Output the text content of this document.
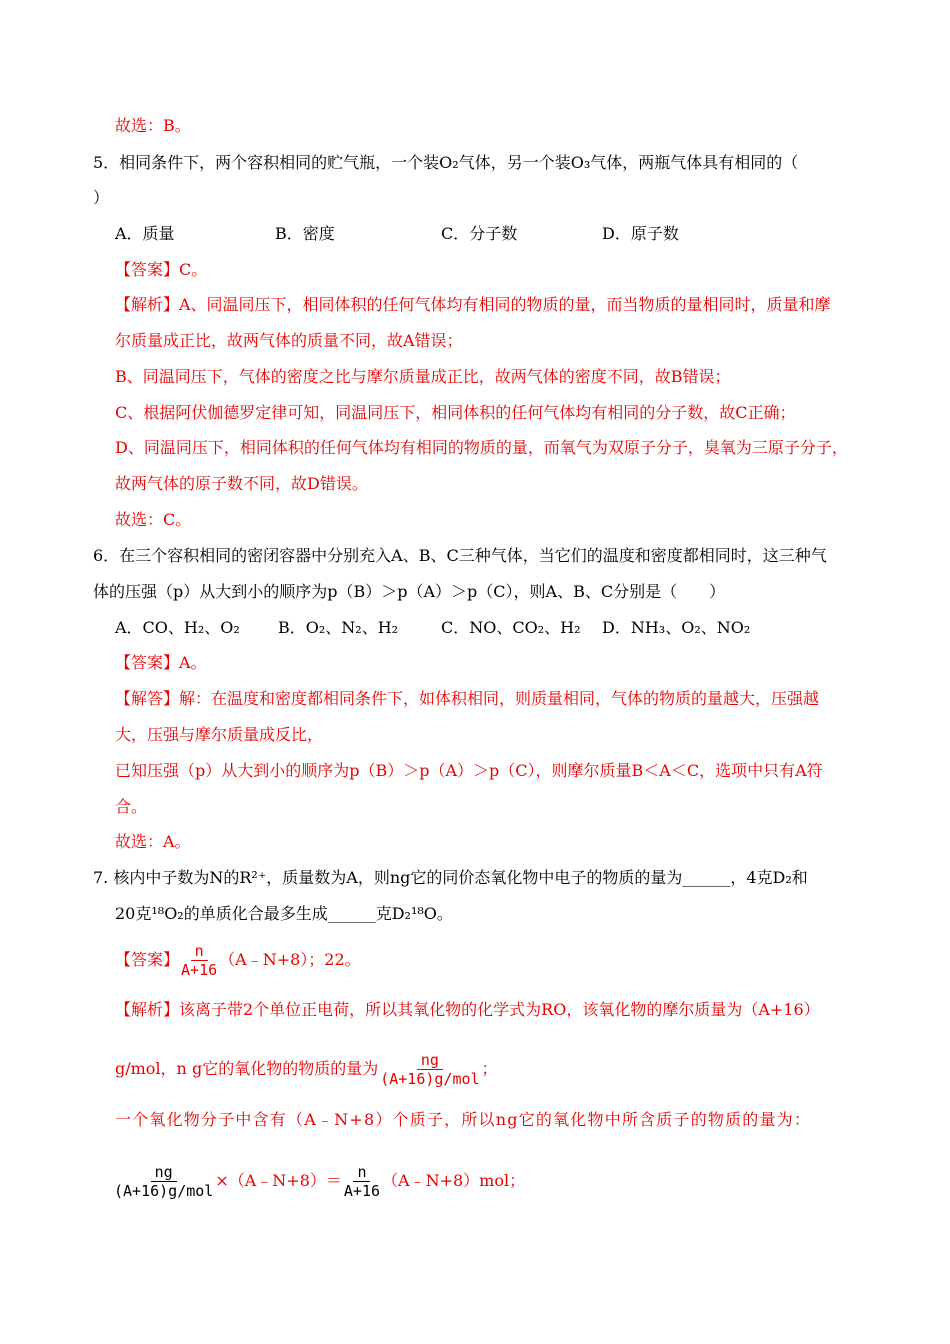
故选：B。
5．相同条件下，两个容积相同的贮气瓶，一个装O₂气体，另一个装O₃气体，两瓶气体具有相同的（
）
A．质量	B．密度	C．分子数	D．原子数
【答案】C。
【解析】A、同温同压下，相同体积的任何气体均有相同的物质的量，而当物质的量相同时，质量和摩
尔质量成正比，故两气体的质量不同，故A错误；
B、同温同压下，气体的密度之比与摩尔质量成正比，故两气体的密度不同，故B错误；
C、根据阿伏伽德罗定律可知，同温同压下，相同体积的任何气体均有相同的分子数，故C正确；
D、同温同压下，相同体积的任何气体均有相同的物质的量，而氧气为双原子分子，臭氧为三原子分子，
故两气体的原子数不同，故D错误。
故选：C。
6．在三个容积相同的密闭容器中分别充入A、B、C三种气体，当它们的温度和密度都相同时，这三种气
体的压强（p）从大到小的顺序为p（B）＞p（A）＞p（C），则A、B、C分别是（　　）
A．CO、H₂、O₂ B．O₂、N₂、H₂	C．NO、CO₂、H₂ D．NH₃、O₂、NO₂
【答案】A。
【解答】解：在温度和密度都相同条件下，如体积相同，则质量相同，气体的物质的量越大，压强越
大，压强与摩尔质量成反比，
已知压强（p）从大到小的顺序为p（B）＞p（A）＞p（C），则摩尔质量B＜A＜C，选项中只有A符
合。
故选：A。
7. 核内中子数为N的R²⁺，质量数为A，则ng它的同价态氧化物中电子的物质的量为______，4克D₂和
20克¹⁸O₂的单质化合最多生成______克D₂¹⁸O。
【答案】 $\frac{n}{A+16}$ （A﹣N+8）；22。
【解析】该离子带2个单位正电荷，所以其氧化物的化学式为RO，该氧化物的摩尔质量为（A+16）
g/mol，n g它的氧化物的物质的量为 $\frac{ng}{\text{(A+16)g/mol}}$ ；
一个氧化物分子中含有（A﹣N+8）个质子，所以ng它的氧化物中所含质子的物质的量为：
$\frac{ng}{\text{(A+16)g/mol}}$ ×（A﹣N+8）＝ $\frac{n}{A+16}$ （A﹣N+8）mol；
